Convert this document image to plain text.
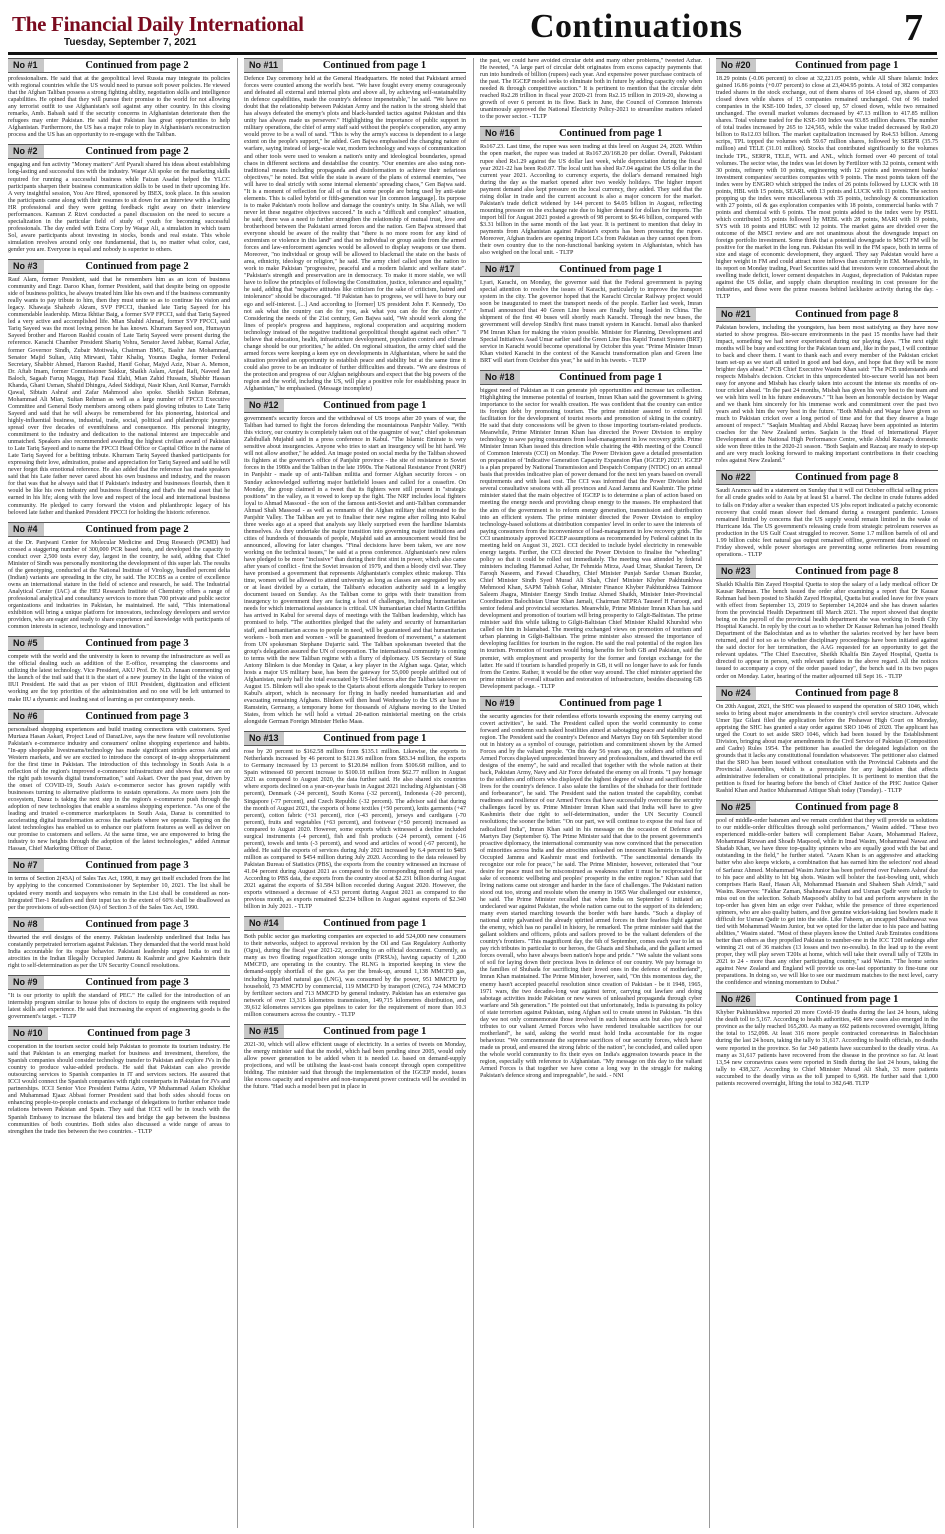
The Financial Daily International
Tuesday, September 7, 2021	Continuations	7
No #1	Continued from page 2
professionalism. He said that at the geopolitical level Russia may integrate its policies with regional countries while the US would need to pursue soft power policies. He viewed that the Afghan Taliban possess a strong fighting ability, negotiation skills and intelligence capabilities. He opined that they will pursue their promise to the world for not allowing any terrorist outfit to use Afghanistan's soil against any other country. In this closing remarks, Amb. Babash said if the security concerns in Afghanistan deteriorate then the refugees may enter Pakistan. He said that Pakistan has great opportunities to help Afghanistan. Furthermore, the US has a major role to play in Afghanistan's reconstruction process and the US has an opportunity to re-engage with the Taliban.
No #2	Continued from page 2
engaging and fun activity "Money matters" Arif Pyarali shared his ideas about establishing long-lasting and successful ties with the industry. Waqar Ali spoke on the marketing skills required for running a successful business while Faizan Asadat helped the YLCC participants sharpen their business communication skills to be used in their upcoming life. A very insightful session, You Are Hired, sponsored by IBEX, took place. In this session the participants came along with their resumes to sit down for an interview with a leading HR professional and they were getting feedback right away on their interview performances. Kamran Z Rizvi conducted a panel discussion on the need to secure a specialization in the particular field of study of youth for becoming successful professionals. The day ended with Extra Corp by Waqar Ali, a simulation in which team Sol, aware participants about investing in stocks, bonds and real estate. This whole simulation revolves around only one fundamental, that is, no matter what color, cast, gender you are. Everyone is equal and nobody is superior to others.
No #3	Continued from page 2
Rauf Alam, former President, said that he remembers him as an icon of business community and Engr. Daroo Khan, former President, said that despite being on opposite side of business politics, he always treated him like his own and if the business community really wants to pay tribute to him, then they must unite so as to continue his vision and legacy. Khawaja Shahzeb Akram, SVP FPCCI, thanked late Tariq Sayeed for his commendable leadership. Mirza Ikhtiar Baig, a former SVP FPCCI, said that Tariq Sayeed led a very active and accomplished life. Mian Shahid Ahmad, former SVP FPCCI, said Tariq Sayeed was the most loving person he has known. Khurram Sayeed son, Humayun Sayeed brother and Haroon Rashid cousin of Late Tariq Sayeed were present during the reference. Karachi Chamber President Shariq Vohra, Senator Javed Jabbar, Kamal Azfar, former Governor Sindh, Zubair Motiwala, Chairman BMG, Bashir Jan Mohammad, Senator Majid Sultan, Atiq Mirwani, Tahir Khaliq, Younus Dagha, former Federal Secretary, Shabbir Ahmed, Haroon Rashid, Hanif Gohar, Majyd Aziz, Nisar A. Memon, Dr. Aftab Imam, former Commissioner Sukkur, Shaikh Aslam, Amjad Rafi, Naveed Jan Baloch, Sagaab Faruq Maggu, Haji Fazal Elahi, Mian Zahid Hussain, Shabbir Hassan Khanda, Ghani Usman, Shahid Dhingra, Adeel Siddiqui, Nasir Khan, Anil Kumar, Farrukh Qawal, Sibtain Ashraf and Zafar Mahmood also spoke. Sheikh Sultan Rehman, Mohammad Ali Mian, Sultan Rehman as well as a large number of FPCCI Executive Committee and General Body members among others paid glowing tributes to Late Tariq Sayeed and said that he will always be remembered for his pioneering, historical and highly-influential business, industrial, trade, social, political and philanthropic journey spread over five decades of eventfulness and consequence. His personal integrity, commitment to the industry and dedication to the national interest are impeccable and unmatched. Speakers also recommended awarding the highest civilian award of Pakistan to Late Tariq Sayeed and to name the FPCCI Head Office or Capital Office in the name of Late Tariq Sayeed for a befitting tribute. Khurram Tariq Sayeed thanked participants for expressing their love, admiration, praise and appreciation for Tariq Sayeed and said he will never forget this emotional reference. He also added that the reference has made speakers said that his Late father never cared about his own business and industry, and the reason for that was that he always said that if Pakistan's industry and businesses flourish, then it would be like his own industry and business flourishing and that's the real asset that he earned in his life; along with the love and respect of the local and international business community. He pledged to carry forward the vision and philanthropic legacy of his beloved late father and thanked President FPCCI for holding the historic reference.
No #4	Continued from page 2
at the Dr. Panjwani Center for Molecular Medicine and Drug Research (PCMD) had crossed a staggering number of 300,000 PCR based tests, and developed the capacity to conduct over 2,500 tests every day, largest in the country, he said, adding that Chief Minister of Sindh was personally monitoring the development of this super lab. The results of the genotyping, conducted at the National Institute of Virology, bundled percent delta (Indian) variants are spreading in the city, he said. The ICCBS as a centre of excellence owns an international stature in the field of science and research, he said. The Industrial Analytical Center (IAC) at the HEJ Research Institute of Chemistry offers a range of professional analytical and consultancy services to more than 700 private and public sector organizations and industries in Pakistan, he maintained. He said, "This international exhibition will bring a unique platform for innovators, technology developers and service providers, who are eager and ready to share experience and knowledge with participants of common interests in science, technology and innovation."
No #5	Continued from page 3
compete with the world and the university is keen to revamp the infrastructure as well as the official dealing such as addition of the E-office, revamping the classrooms and utilizing the latest technology. Vice President, AKU Prof. Dr. N.D. Junaan commenting on the launch of the trail said that it is the start of a new journey in the light of the vision of IIUI President. He said that as per vision of IIUI President, digitization and efficient working are the top priorities of the administration and no one will be left unturned to make IIU a dynamic and leading seat of learning as per contemporary needs.
No #6	Continued from page 3
personalised shopping experiences and build trusting connections with customers. Syed Murtaza Hasan Askari, Project Lead of DarazLive, says the new feature will revolutionise Pakistan's e-commerce industry and consumers' online shopping experience and habits. "In-app shoppable livestreams/technology has made significant strides across Asia and Western markets, and we are excited to introduce the concept of in-app shoppertainment for the first time in Pakistan. The introduction of this technology in South Asia is a reflection of the region's improved e-commerce infrastructure and shows that we are on the right path towards digital transformation," said Askari. Over the past year, driven by the onset of COVID-19, South Asia's e-commerce sector has grown rapidly with businesses turning to alternative platforms to sustain operations. As more users join the ecosystem, Daraz is taking the next step in the region's e-commerce push through the adoption of new technologies that enable a seamless shopping experience. "As one of the leading and trusted e-commerce marketplaces in South Asia, Daraz is committed to accelerating digital transformation across the markets where we operate. Tapping on the latest technologies has enabled us to enhance our platform features as well as deliver on our promise to customers and sellers. At the same time, we are empowered to bring the industry to new heights through the adoption of the latest technologies," added Ammar Hassan, Chief Marketing Officer of Daraz.
No #7	Continued from page 3
in terms of Section 2(43A) of Sales Tax Act, 1990, it may get itself excluded from the list by applying to the concerned Commissioner by September 10, 2021. The list shall be updated every month and taxpayers who remain in the List shall be considered as non-Integrated Tier-1 Retailers and their input tax to the extent of 60% shall be disallowed as per the provisions of sub-section (9A) of Section 3 of the Sales Tax Act, 1990.
No #8	Continued from page 3
thwarted the evil designs of the enemy. Pakistan leadership underlined that India has constantly perpetrated terrorism against Pakistan. They demanded that the world must hold India accountable for its rogue behavior. Pakistani leadership urged India to end its atrocities in the Indian Illegally Occupied Jammu & Kashmir and give Kashmiris their right to self-determination as per the UN Security Council resolutions.
No #9	Continued from page 3
"It is our priority to uplift the standard of PEC." He called for the introduction of an internship program similar to house jobs of doctors to equip the engineers with required latest skills and experience. He said that increasing the export of engineering goods is the government's target. - TLTP
No #10	Continued from page 3
cooperation in the tourism sector could help Pakistan to promote its tourism industry. He said that Pakistan is an emerging market for business and investment, therefore, the Spanish companies should consider technology transfer to Pakistan and explore JVs in the country to produce value-added products. He said that Pakistan can also provide outsourcing services to Spanish companies in IT and services sectors. He assured that ICCI would connect the Spanish companies with right counterparts in Pakistan for JVs and partnerships. ICCI Senior Vice President Fatma Azim, VP Muhammad Aslam Khokhar and Muhammad Ejaaz Abbasi former President said that both sides should focus on enhancing people-to-people contacts and exchange of delegations to further enhance trade relations between Pakistan and Spain. They said that ICCI will be in touch with the Spanish Embassy to increase the bilateral ties and bridge the gap between the business communities of both countries. Both sides also discussed a wide range of areas to strengthen the trade ties between the two countries. - TLTP
No #11	Continued from page 1
Defence Day ceremony held at the General Headquarters. He noted that Pakistani armed forces were counted among the world's best. "We have fought every enemy courageously and defeated all external and internal plots and above all, by achieving self-sustainability in defence capabilities, made the country's defence impenetrable," he said. "We have no doubt that the relationship between Pakistan Army and the nation is the strong shield that has always defeated the enemy's plots and black-handed tactics against Pakistan and this unity has always made us persevere." Highlighting the importance of public support in military operations, the chief of army staff said without the people's cooperation, any army would prove to be a wall of sand. "This is why the army's success is dependent to a large extent on the people's support," he added. Gen Bajwa emphasised the changing nature of warfare, saying instead of large-scale war, modern technology and ways of communication and other tools were used to weaken a nation's unity and ideological boundaries, spread chaos in different sections and destabilise the country. "Our enemies are also using non-traditional means including propaganda and disinformation to achieve their nefarious objectives," he noted. But while the state is aware of the plans of external enemies, "we will have to deal strictly with some internal elements' spreading chaos," Gen Bajwa said. "It is a moment of reflection for all of us that some people are being used by anti-state elements. This is called hybrid or fifth-generation war [in common language]. Its purpose is to make Pakistan's roots hollow and damage the country's unity. In Sha Allah, we will never let these negative objectives succeed." In such a "difficult and complex" situation, he said, there was a need to further strengthen the relationship of mutual trust, love and brotherhood between the Pakistani armed forces and the nation. Gen Bajwa stressed that everyone should be aware of the reality that "there is no more room for any kind of extremism or violence in this land" and that no individual or group aside from the armed forces and law-enforcement agencies would be allowed to display weapons or use them. Moreover, "no individual or group will be allowed to blackmail the state on the basis of area, ethnicity, ideology or religion," he said. The army chief called upon the nation to work to make Pakistan "progressive, peaceful and a modern Islamic and welfare state". "Pakistan's strength and preservation are in democracy. To make it more stable, we will have to follow the principles of following the Constitution, justice, tolerance and equality," he said, adding that "negative attitudes like criticism for the sake of criticism, hatred and intolerance" should be discouraged. "If Pakistan has to progress, we will have to bury our ego and self-interest. [...] And according to [former] US president John F. Kennedy, 'Do not ask what the country can do for you, ask what you can do for the country'." Considering the needs of the 21st century, Gen Bajwa said, "We should work along the lines of people's progress and happiness, regional cooperation and acquiring modern technology instead of the negative traditional geopolitical thought against each other." "I believe that education, health, infrastructure development, population control and climate change should be our priorities," he added. On regional situation, the army chief said the armed forces were keeping a keen eye on developments in Afghanistan, where he said the situation provided an opportunity to establish peace and stability but at the same time it could also prove to be an indicator of further difficulties and threats. "We are desirous of the protection and progress of our Afghan neighbours and expect that the big powers of the region and the world, including the US, will play a positive role for establishing peace in Afghanistan," he emphasised. (Message incomplete)
No #12	Continued from page 1
government's security forces and the withdrawal of US troops after 20 years of war, the Taliban had turned to fight the forces defending the mountainous Panjshir Valley. "With this victory, our country is completely taken out of the quagmire of war," chief spokesman Zabihullah Mujahid said in a press conference in Kabul. "The Islamic Emirate is very sensitive about insurgencies. Anyone who tries to start an insurgency will be hit hard. We will not allow another," he added. An image posted on social media by the Taliban showed its fighters at the governor's office of Panjshir province - the site of resistance to Soviet forces in the 1980s and the Taliban in the late 1990s. The National Resistance Front (NRF) in Panjshir - made up of anti-Taliban militia and former Afghan security forces - on Sunday acknowledged suffering major battlefield losses and called for a ceasefire. On Monday, the group claimed in a tweet that its fighters were still present in "strategic positions" in the valley, as it vowed to keep up the fight. The NRF includes local fighters loyal to Ahmad Massoud - the son of the famous anti-Soviet and anti-Taliban commander Ahmad Shah Massoud - as well as remnants of the Afghan military that retreated to the Panjshir Valley. The Taliban are yet to finalise their new regime after rolling into Kabul three weeks ago at a speed that analysts say likely surprised even the hardline Islamists themselves. As they undertake the major transition into governing major institutions and cities of hundreds of thousands of people, Mujahid said an announcement would first be announced, allowing for later changes. "Final decisions have been taken, we are now working on the technical issues," he said at a press conference. Afghanistan's new rulers have pledged to be more "inclusive" than during their first stint in power, which also came after years of conflict - first the Soviet invasion of 1979, and then a bloody civil war. They have promised a government that represents Afghanistan's complex ethnic makeup. This time, women will be allowed to attend university as long as classes are segregated by sex or at least divided by a curtain, the Taliban's education authority said in a lengthy document issued on Sunday. As the Taliban come to grips with their transition from insurgency to government they are facing a host of challenges, including humanitarian needs for which international assistance is critical. UN humanitarian chief Martin Griffiths has arrived in Kabul for several days of meetings with the Taliban leadership, which has promised to help. "The authorities pledged that the safety and security of humanitarian staff, and humanitarian access to people in need, will be guaranteed and that humanitarian workers - both men and women - will be guaranteed freedom of movement," a statement from UN spokesman Stephane Dujarric said. The Taliban spokesman tweeted that the group's delegation assured the UN of cooperation. The international community is coming to terms with the new Taliban regime with a flurry of diplomacy. US Secretary of State Antony Blinken is due Monday in Qatar, a key player in the Afghan saga. Qatar, which hosts a major US military base, has been the gateway for 55,000 people airlifted out of Afghanistan, nearly half the total evacuated by US-led forces after the Taliban takeover on August 15. Blinken will also speak to the Qataris about efforts alongside Turkey to reopen Kabul's airport, which is necessary for flying in badly needed humanitarian aid and evacuating remaining Afghans. Blinken will then head Wednesday to the US air base in Ramstein, Germany, a temporary home for thousands of Afghans moving to the United States, from which he will hold a virtual 20-nation ministerial meeting on the crisis alongside German Foreign Minister Heiko Maas.
No #13	Continued from page 1
rose by 20 percent to $162.58 million from $135.1 million. Likewise, the exports to Netherlands increased by 46 percent to $121.96 million from $83.34 million, the exports to Germany increased by 13 percent to $120.84 million from $106.68 million, and to Spain witnessed 60 percent increase to $100.18 million from $62.77 million in August 2021 as compared to August 2020, the data further said. He also shared six countries where exports declined on a year-on-year basis in August 2021 including Afghanistan (-38 percent), Denmark (-24 percent), South Korea (-32 percent), Indonesia (-20 percent), Singapore (-77 percent), and Czech Republic (-32 percent). The advisor said that during the month of August 2021, the exports of home textiles (+50 percent), knits garments (+47 percent), cotton fabric (+31 percent), rice (-43 percent), jerseys and cardigans (-70 percent), fruits and vegetables (+63 percent), and footwear (+50 percent) increased as compared to August 2020. However, some exports which witnessed a decline included surgical instruments (-4 percent), fish and fish products (-24 percent), cement (-16 percent), towels and tents (-3 percent), and wood and articles of wood (-67 percent), he added. He said the exports of services during July 2021 increased by 6.4 percent to $483 million as compared to $454 million during July 2020. According to the data released by Pakistan Bureau of Statistics (PBS), the exports from the country witnessed an increase of 41.04 percent during August 2021 as compared to the corresponding month of last year. According to PBS data, the exports from the country stood at $2.231 billion during August 2021 against the exports of $1.584 billion recorded during August 2020. However, the exports witnessed a decrease of 4.53 percent during August 2021 as compared to the previous month, as exports remained $2.234 billion in August against exports of $2.340 billion in July 2021. - TLTP
No #14	Continued from page 1
Both public sector gas marketing companies are expected to add 524,000 new consumers to their networks, subject to approval revision by the Oil and Gas Regulatory Authority (Ogra), during the fiscal year 2021-22, according to an official document. Currently, as many as two floating regasification storage units (FRSUs), having capacity of 1,200 MMCFD, are operating in the country. The RLNG is imported keeping in view the demand-supply shortfall of the gas. As per the break-up, around 1,138 MMCFD gas, including liquefied natural gas (LNG), was consumed by the power, 951 MMCFD by household, 73 MMCFD by commercial, 119 MMCFD by transport (CNG), 724 MMCFD by fertilizer sectors and 713 MMCFD by general industry. Pakistan has an extensive gas network of over 13,315 kilometres transmission, 149,715 kilometres distribution, and 39,612 kilometres services gas pipelines to cater for the requirement of more than 10.3 million consumers across the country. - TLTP
No #15	Continued from page 1
2021-30, which will allow efficient usage of electricity. In a series of tweets on Monday, the energy minister said that the model, which had been pending since 2005, would only allow power generation to be added when it is needed i.e. based on demand-supply projections, and will be utilising the least-cost basis concept through open competitive bidding. The minister said that through the implementation of the IGCEP model, issues like excess capacity and expensive and non-transparent power contracts will be avoided in the future. "Had such a model been put in place in
the past, we could have avoided circular debt and many other problems," tweeted Azhar. He tweeted, "A large part of circular debt originates from excess capacity payments that run into hundreds of billion (rupees) each year. And expensive power purchase contracts of the past. The IGCEP model seeks to eliminate both in future by adding capacity only when needed & through competitive auction." It is pertinent to mention that the circular debt reached Rs2.28 trillion in fiscal year 2020-21 from Rs2.15 trillion in 2019-20, showing a growth of over 6 percent in its flow. Back in June, the Council of Common Interests unanimously approved the National Electricity Policy-2021 to streamline matters related to the power sector. - TLTP
No #16	Continued from page 1
Rs167.23. Last time, the rupee was seen trading at this level on August 24, 2020. Within the open market, the rupee was traded at Rs167.20/168.20 per dollar. Overall, Pakistani rupee shed Rs1.29 against the US dollar last week, while depreciation during the fiscal year 2021-22 has been Rs0.87. The local unit has shed Rs7.04 against the US dollar in the current year 2021. According to currency experts, the dollar's demand remained high during the day as the market opened after two weekly holidays. The higher import payment demand also kept pressure on the local currency, they added. They said that the rising dollar in trade and the current account is also a major concern for the market. Pakistan's trade deficit widened by 144 percent to $4.05 billion in August, reflecting mounting pressure on the exchange rate due to higher demand for dollars for imports. The import bill for August 2021 posted a growth of 98 percent to $6.46 billion, compared with $3.31 billion in the same month of the last year. It is pertinent to mention that delay in payments from Afghanistan against Pakistan's exports has been pressuring the rupee. Moreover, Afghan traders are opening import LCs from Pakistan as they cannot open from their own country due to the non-functional banking system in Afghanistan, which has also weighed on the local unit. - TLTP
No #17	Continued from page 1
Lyari, Karachi, on Monday, the governor said that the Federal government is paying special attention to resolve the issues of Karachi, particularly to improve the transport system in the city. The governor hoped that the Karachi Circular Railway project would soon be inaugurated to meet the transport needs of the people. Earlier last week, Imran Ismail announced that 40 Green Line buses are finally being loaded in China. The shipment of the first 40 buses will shortly reach Karachi. Through the new buses, the government will develop Sindh's first mass transit system in Karachi. Ismail also thanked PM Imran Khan for making the vision possible. Minister for Planning, Development and Special Initiatives Asad Umar earlier said the Green Line Bus Rapid Transit System (BRT) service in Karachi would become operational by October this year. "Prime Minister Imran Khan visited Karachi in the context of the Karachi transformation plan and Green line BRT will start from October this year," he said in his tweets. - TLTP
No #18	Continued from page 1
biggest need of Pakistan as it can generate job opportunities and increase tax collection. Highlighting the immense potential of tourism, Imran Khan said the government is giving importance to the sector for wealth creation. He was confident that the country can entice its foreign debt by promoting tourism. The prime minister assured to extend full facilitation for the development of tourist resorts and promotion of skiing in the country. He said that duty concessions will be given to those importing tourism-related products. Meanwhile, Prime Minister Imran Khan has directed the Power Division to employ technology to save paying consumers from load-management in low recovery grids. Prime Minister Imran Khan issued this direction while chairing the 48th meeting of the Council of Common Interests (CCI) on Monday. The Power Division gave a detailed presentation on preparation of 'Indicative Generation Capacity Expansion Plan (IGCEP) 2021'. IGCEP is a plan prepared by National Transmission and Despatch Company (NTDC) on an annual basis that provides indicative plan of power demand for the next ten years based on overall requirements and with least cost. The CCI was informed that the Power Division held several consultative sessions with all provinces and Azad Jammu and Kashmir. The prime minister stated that the main objective of IGCEP is to determine a plan of action based on meeting the energy needs and providing cheap energy to the masses. He emphasized that the aim of the government is to reform energy generation, transmission and distribution into an efficient system. The prime minister directed the Power Division to employ technology-based solutions at distribution companies' level in order to save the interests of paying consumers from the inconvenience of load-management in low recovery grids. The CCI unanimously approved IGCEP assumptions as recommended by Federal cabinet in its meeting held on August 31, 2021. CCI decided to include hydel electricity in renewable energy targets. Further, the CCI directed the Power Division to finalise the "wheeling" policy so that it could be rolled out immediately. The meeting was attended by federal ministers including Hammad Azhar, Dr Fehmida Mirza, Asad Umar, Shaukat Tareen, Dr Faroqh Naseem, and Fawad Chaudhry, Chief Minister Punjab Sardar Usman Buzdar, Chief Minister Sindh Syed Murad Ali Shah, Chief Minister Khyber Pakhtunkhwa Mehmood Khan, SAPM Tabish Gohar, Minister Finance Khyber Pakhtunkhwa Taimoor Saleem Jhagra, Minister Energy Sindh Imtiaz Ahmed Shaikh, Minister Inter-Provincial Coordination Balochistan Umar Khan Jamali, Chairman NEPRA Tauseef H Farooqi, and senior federal and provincial secretaries. Meanwhile, Prime Minister Imran Khan has said development and promotion of tourism will bring prosperity to Gilgit-Baltistan. The prime minister said this while talking to Gilgit-Baltistan Chief Minister Khalid Khurshid who called on him in Islamabad. The meeting exchanged views on promotion of tourism and urban planning in Gilgit-Baltistan. The prime minister also stressed the importance of developing facilities for tourism in the region. He said the real potential of the region lies in tourism. Promotion of tourism would bring benefits for both GB and Pakistan, said the premier, with employment and prosperity for the former and foreign exchange for the latter. He said if tourism is handled properly in GB, it will no longer have to ask for funds from the Centre. Rather, it would be the other way around. The chief minister apprised the prime minister of overall situation and restoration of infrastructure, besides discussing GB Development package. - TLTP
No #19	Continued from page 1
the security agencies for their relentless efforts towards exposing the enemy carrying out covert activities", he said. The President called upon the world community to come forward and condemn such naked hostilities aimed at sabotaging peace and stability in the region. The President said the country's Defence and Martyrs Day on 6th September stood out in history as a symbol of courage, patriotism and commitment shown by the Armed Forces and by the valiant people. "On this day 56 years ago, the soldiers and officers of Armed Forces displayed unprecedented bravery and professionalism, and thwarted the evil designs of the enemy", he said and recalled that together with the whole nation at their back, Pakistan Army, Navy and Air Force defeated the enemy on all fronts. "I pay homage to the soldiers and officers who displayed the highest degree of valour and sacrificed their lives for the country's defence. I also salute the families of the shuhada for their fortitude and forbearance", he said. The President said the nation trusted the capability, combat readiness and resilience of our Armed Forces that have successfully overcome the security challenges faced by us. Prime Minister Imran Khan said that India will have to give Kashmiris their due right to self-determination, under the UN Security Council resolutions; the sooner the better. "On our part, we will continue to expose the real face of radicalized India", Imran Khan said in his message on the occasion of Defence and Martyrs Day (September 6). The Prime Minister said that due to the present government's proactive diplomacy, the international community was now convinced that the persecution of minorities across India and the atrocities unleashed on innocent Kashmiris in Illegally Occupied Jammu and Kashmir must end forthwith. "The sanctimonial demands its recognize our role for peace," he said. The Prime Minister, however, reiterated that "our desire for peace must not be misconstrued as weakness rather it must be reciprocated for sake of economic wellbeing and peoples' prosperity in the entire region." Khan said that living nations came out stronger and harder in the face of challenges. The Pakistani nation stood out too, strong and resolute when the enemy in 1965 War challenged our existence, he said. The Prime Minister recalled that when India on September 6 initiated an undeclared war against Pakistan, the whole nation came out to the support of its defenders; many even started marching towards the border with bare hands. "Such a display of national unity galvanised the already spirited armed forces in their fearless fight against the enemy, which has no parallel in history, he remarked. The prime minister said that the gallant soldiers and officers, pilots and sailors proved to be the valiant defenders of the country's frontiers. "This magnificent day, the 6th of September, comes each year to let us pay rich tributes in particular to our heroes, the Ghazis and Shuhada, and the gallant armed forces overall, who have always been nation's hope and pride." "We salute the valiant sons of soil for laying down their precious lives in defence of our country. We pay homage to the families of Shuhada for sacrificing their loved ones in the defence of motherland", Imran Khan maintained. The Prime Minister, however, said, "On this momentous day, the enemy hasn't accepted peaceful resolution since creation of Pakistan - be it 1948, 1965, 1971 wars, the two decades-long war against terror, carrying out lawfare and doing sabotage activities inside Pakistan or new waves of unleashed propaganda through cyber warfare and 5th generation." He pointed out that unfortunately, India is pursuing its policy of state terrorism against Pakistan, using Afghan soil to create unrest in Pakistan. "In this day we not only commemorate those involved in such heinous acts but also pay special tributes to our valiant Armed Forces who have rendered invaluable sacrifices for our motherland", he said, asking the world must hold India accountable for its rogue behaviour. "We commemorate the supreme sacrifices of our security forces, which have made us proud, and ensured the strong fabric of the nation", he concluded, and called upon the whole world community to fix their eyes on India's aggression towards peace in the region, especially with reference to Afghanistan. "My message on this day to the valiant Armed Forces is that together we have come a long way in the struggle for making Pakistan's defence strong and impregnable", he said. - NNI
No #20	Continued from page 1
18.29 points (-0.06 percent) to close at 32,221.05 points, while All Share Islamic Index gained 16.86 points (+0.07 percent) to close at 23,404.95 points. A total of 382 companies traded shares in the stock exchange, out of them shares of 164 closed up, shares of 203 closed down while shares of 15 companies remained unchanged. Out of 96 traded companies in the KSE-100 Index, 37 closed up, 57 closed down, while two remained unchanged. The overall market volumes decreased by 47.13 million to 417.85 million shares. Total volume traded for the KSE-100 Index was 93.85 million shares. The number of total trades increased by 265 to 124,565, while the value traded decreased by Rs0.20 billion to Rs12.03 billion. The market capitalization increased by Rs4.53 billion. Among scrips, TPL topped the volumes with 59.67 million shares, followed by SERFR (35.75 million) and TELE (31.01 million). Stocks that contributed significantly to the volumes include TPL, SERFR, TELE, WTL and ANL, which formed over 40 percent of total volumes. The sector wise, the index was let down by Fertilizer with 32 points, cement with 30 points, refinery with 10 points, engineering with 12 points and investment banks/ investment companies/ securities companies with 9 points. The most points taken off the index were by ENGRO which stripped the index of 26 points followed by LUCK with 18 points, HBL with 15 points, SEARL with 13 points and LUCK with 11 points. The sectors propping up the index were miscellaneous with 35 points, technology & communication with 27 points, oil & gas exploration companies with 18 points, commercial banks with 7 points and chemical with 6 points. The most points added to the index were by PSEL which contributed 35 points followed by MEBL with 28 points, MARI with 19 points, SYS with 18 points and HUBC with 12 points. The market gains are divided over the outcome of the MSCI review and are not unanimous about the downgrade impact on foreign portfolio investment. Some think that a potential downgrade to MSCI FM will be positive for the market in the long run. Pakistan fits well in the FM space, both in terms of size and stage of economic development, they argued. They say Pakistan would have a higher weight in FM and could attract more inflows than currently in EM. Meanwhile, in its report on Monday trading, Pearl Securities said that investors were concerned about the swelling trade deficit, lower cement despatches in August, depreciation of Pakistan rupee against the US dollar, and supply chain disruption resulting in cost pressure for the industries, and these were the prime reasons behind lacklustre activity during the day. - TLTP
No #21	Continued from page 8
Pakistan bowlers, including the youngsters, has been most satisfying as they have now started to show progress. Bio-secure environments in the past 15 months have had their impact, something we had never experienced during our playing days. "The next eight months will be busy and exciting for the Pakistan team and, like in the past, I will continue to back and cheer them. I want to thank each and every member of the Pakistan cricket team set-up as we start all united in good and bad days, and hope that they will be more brighter days ahead." PCB Chief Executive Wasim Khan said: "The PCB understands and respects Misbah's decision. Cricket in this unprecedented bio-secure world has not been easy for anyone and Misbah has clearly taken into account the intense six months of on-tour cricket ahead. "In the past 24 months, Misbah has given his very best to the team and we wish him well in his future endeavours." "It has been an honorable decision by Waqar and we thank him sincerely for his immense work and commitment over the past two years and wish him the very best in the future. "Both Misbah and Waqar have given so much to Pakistan cricket over a long period of time and for that they deserve a huge amount of respect." "Saqlain Mushtaq and Abdul Razzaq have been appointed as interim coaches for the New Zealand series. Saqlain is the Head of International Player Development at the National High Performance Centre, while Abdul Razzaq's domestic side won three titles in the 2020-21 season. "Both Saqlain and Razzaq are ready to step-up and are very much looking forward to making important contributions in their coaching roles against New Zealand."
No #22	Continued from page 8
Saudi Aramco said in a statement on Sunday that it will cut October official selling prices for all crude grades sold to Asia by at least $1 a barrel. The decline in crude futures added to falls on Friday after a weaker than expected US jobs report indicated a patchy economic recovery that could mean slower fuel demand during a resurgent pandemic. Losses remained limited by concerns that the US supply would remain limited in the wake of Hurricane Ida. The US government's releasing crude from strategic petroleum reserves as production in the US Gulf Coast struggled to recover. Some 1.7 million barrels of oil and 1.99 billion cubic feet natural gas output remained offline, government data released on Friday showed, while power shortages are preventing some refineries from resuming operations. - TLTP
No #23	Continued from page 8
Shaikh Khalifa Bin Zayed Hospital Quetta to stop the salary of a lady medical officer Dr Kausar Rehman. The bench issued the order after examining a report that Dr Kausar Rehman had been posted to Shaikh Zayed Hospital, Quetta but availed leave for five years with effect from September 13, 2019 to September 14,2024 and she has drawn salaries from the provincial Health Department till March 2021. The report showed that despite being on the payroll of the provincial health department she was working in South City Hospital Karachi. In reply by the court as to whether Dr Kausar Rehman has joined Health Department of the Balochistan and as to whether the salaries received by her have been returned, and if not so as to whether disciplinary proceedings have been initiated against the said doctor for her termination, the AAG requested for an opportunity to get the relevant updates. "The Chief Executive, Sheikh Khalifa Bin Zayed Hospital, Quetta is directed to appear in person, with relevant updates in the above regard. All the notices issued to accompany a copy of the order passed today", the bench said in its two pages order on Monday. Later, hearing of the matter adjourned till Sept 16. - TLTP
No #24	Continued from page 8
On 20th August, 2021, the SHC was pleased to suspend the operation of SRO 1046, which seeks to bring about major amendments in the country's civil service structure. Advocate Umer Ijaz Gilani filed the application before the Peshawar High Court on Monday, apprising the SHC has granted a stay order against SRO 1046 of 2020. The applicant has urged the Court to set aside SRO 1046, which had been issued by the Establishment Division, bringing about major amendments in the Civil Service of Pakistan (Composition and Cadre) Rules 1954. The petitioner has assailed the delegated legislation on the grounds that it lacks any constitutional foundation whatsoever. The petitioner also claimed that the SRO has been issued without consultation with the Provincial Cabinets and the Provincial Assemblies, which is a prerequisite for any legislation that affects administrative federalism or constitutional principles. It is pertinent to mention that the petition is fixed for hearing before the bench of Chief Justice of the PHC Justice Qaiser Rashid Khan and Justice Muhammad Attique Shah today (Tuesday). - TLTP
No #25	Continued from page 8
pool of middle-order batsmen and we remain confident that they will provide us solutions to our middle-order difficulties through solid performances," Wasim added. "These two experienced middle-order batters will complement Babar Azam, Mohammad Hafeez, Mohammad Rizwan and Shoaib Maqsood, while in Imad Wasim, Mohammad Nawaz and Shadab Khan, we have three top-quality spinners who are equally good with the bat and outstanding in the field," he further stated. "Azam Khan is an aggressive and attacking batter who also keeps wickets, a combination that has earned him the selectors' nod ahead of Sarfaraz Ahmed. Mohammad Wasim Junior has been preferred over Faheem Ashraf due to his pace and ability to hit big shots. Wasim will bolster the fast-bowling unit, which comprises Haris Rauf, Hasan Ali, Mohammad Hasnain and Shaheen Shah Afridi," said Wasim. Reserves: "Fakhar Zaman, Shahnawaz Dahani and Usman Qadir were unlucky to miss out on the selection. Sohaib Maqsood's ability to bat and perform anywhere in the top-order has given him an edge over Fakhar, while the presence of three experienced spinners, who are also quality batters, and five genuine wicket-taking fast bowlers made it difficult for Usman Qadir to get into the side. Like Faheem, an uncapped Shahnawaz was tied with Mohammad Wasim Junior, but we opted for the latter due to his pace and batting abilities," Wasim stated. "Most of these players know the United Arab Emirates conditions better than others as they propelled Pakistan to number-one in the ICC T20I rankings after winning 21 out of 36 matches (13 losses and two no-results). In the lead up to the event proper, they will play seven T20Is at home, which will take their overall tally of T20Is in 2021 to 24 - more than any other participating country," said Wasim. "The home series against New Zealand and England will provide us one-last opportunity to fine-tune our preparations. In doing so, we will like to see our maximum matches to the next level, carry the confidence and winning momentum to Dubai."
No #26	Continued from page 1
Khyber Pakhtunkhwa reported 20 more Covid-19 deaths during the last 24 hours, taking the death toll to 5,167. According to health authorities, 468 new cases also emerged in the province as the tally reached 165,200. As many as 692 patients recovered overnight, lifting the total to 152,098. At least 316 more people contracted coronavirus in Balochistan during the last 24 hours, taking the tally to 31,617. According to health officials, no deaths were reported in the province. So far 340 patients have succumbed to the deadly virus. As many as 31,617 patients have recovered from the disease in the province so far. At least 13,54 new coronavirus cases were reported in Sindh during the last 24 hours, taking the tally to 438,327. According to Chief Minister Murad Ali Shah, 33 more patients succumbed to the deadly virus as the toll jumped to 6,968. He further said that 1,000 patients recovered overnight, lifting the total to 382,648. TLTP
